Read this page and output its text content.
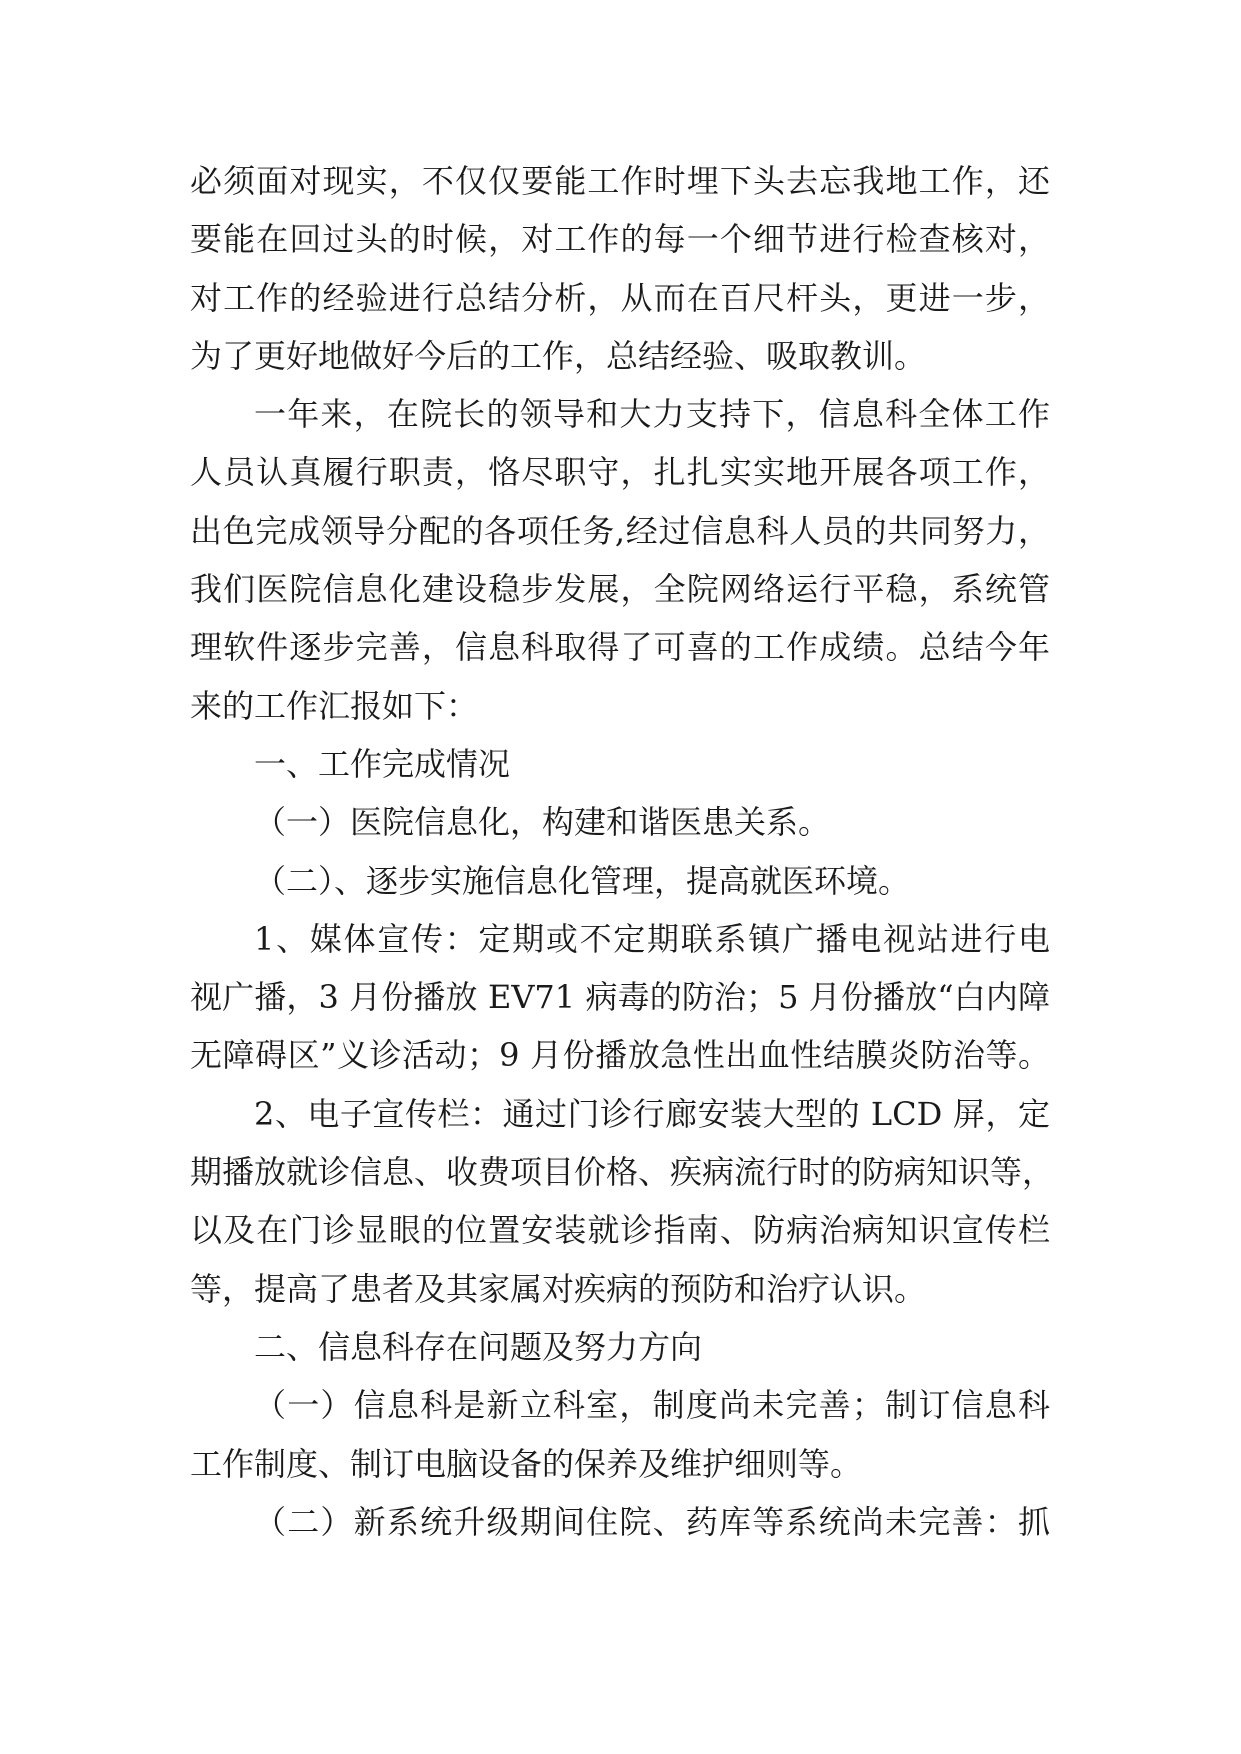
必须面对现实，不仅仅要能工作时埋下头去忘我地工作，还
要能在回过头的时候，对工作的每一个细节进行检查核对，
对工作的经验进行总结分析，从而在百尺杆头，更进一步，
为了更好地做好今后的工作，总结经验、吸取教训。
一年来，在院长的领导和大力支持下，信息科全体工作
人员认真履行职责，恪尽职守，扎扎实实地开展各项工作，
出色完成领导分配的各项任务,经过信息科人员的共同努力，
我们医院信息化建设稳步发展，全院网络运行平稳，系统管
理软件逐步完善，信息科取得了可喜的工作成绩。总结今年
来的工作汇报如下：
一、工作完成情况
（一）医院信息化，构建和谐医患关系。
（二）、逐步实施信息化管理，提高就医环境。
1、媒体宣传：定期或不定期联系镇广播电视站进行电
视广播，3 月份播放 EV71 病毒的防治；5 月份播放“白内障
无障碍区”义诊活动；9 月份播放急性出血性结膜炎防治等。
2、电子宣传栏：通过门诊行廊安装大型的 LCD 屏，定
期播放就诊信息、收费项目价格、疾病流行时的防病知识等，
以及在门诊显眼的位置安装就诊指南、防病治病知识宣传栏
等，提高了患者及其家属对疾病的预防和治疗认识。
二、信息科存在问题及努力方向
（一）信息科是新立科室，制度尚未完善；制订信息科
工作制度、制订电脑设备的保养及维护细则等。
（二）新系统升级期间住院、药库等系统尚未完善：抓
